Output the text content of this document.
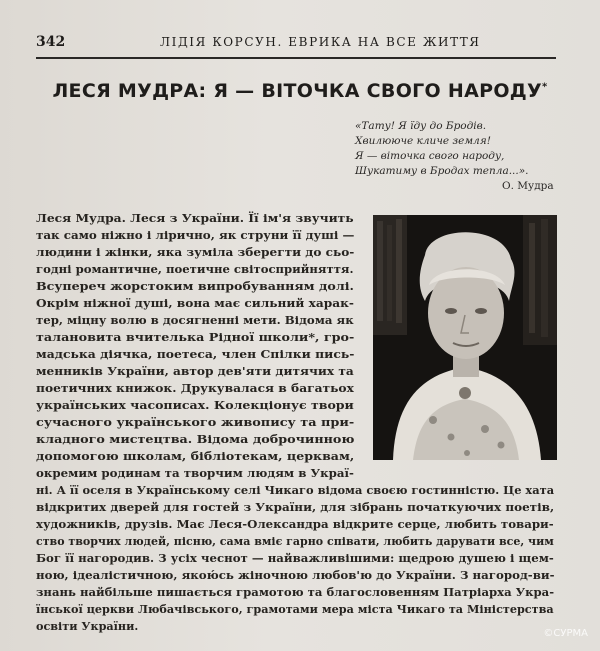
342	ЛІДІЯ КОРСУН. ЕВРИКА НА ВСЕ ЖИТТЯ
ЛЕСЯ МУДРА: Я — ВІТОЧКА СВОГО НАРОДУ*
«Тату! Я їду до Бродів.
Хвилюючe кличе земля!
Я — віточка свого народу,
Шукатиму в Бродах тепла...».
О. Мудра
Леся Мудра. Леся з України. Її ім'я звучить
так само ніжно і лірично, як струни її душі —
людини і жінки, яка зуміла зберегти до сьо-
годні романтичне, поетичне світосприйняття.
Всупереч жорстоким випробуванням долі.
Окрім ніжної душі, вона має сильний харак-
тер, міцну волю в досягненні мети. Відома як
талановита вчителька Рідної школи*, гро-
мадська діячка, поетеса, член Спілки пись-
менників України, автор дев'яти дитячих та
поетичних книжок. Друкувалася в багатьох
українських часописах. Колекціонує твори
сучасного українського живопису та при-
кладного мистецтва. Відома доброчинною
допомогою школам, бібліотекам, церквам,
окремим родинам та творчим людям в Украї-
ні. А її оселя в Українському селі Чикаго відома своєю гостинністю. Це хата
відкритих дверей для гостей з України, для зібрань початкуючих поетів,
художників, друзів. Має Леся-Олександра відкрите серце, любить товари-
ство творчих людей, пісню, сама вміє гарно співати, любить дарувати все, чим
Бог її нагородив. З усіх чеснот — найважливішими: щедрою душею і щем-
ною, ідеалістичною, якою́сь жіночною любов'ю до України. З нагород-ви-
знань найбільше пишається грамотою та благословенням Патріарха Укра-
їнської церкви Любачівського, грамотами мера міста Чикаго та Міністерства
освіти України.
©СУРМА
